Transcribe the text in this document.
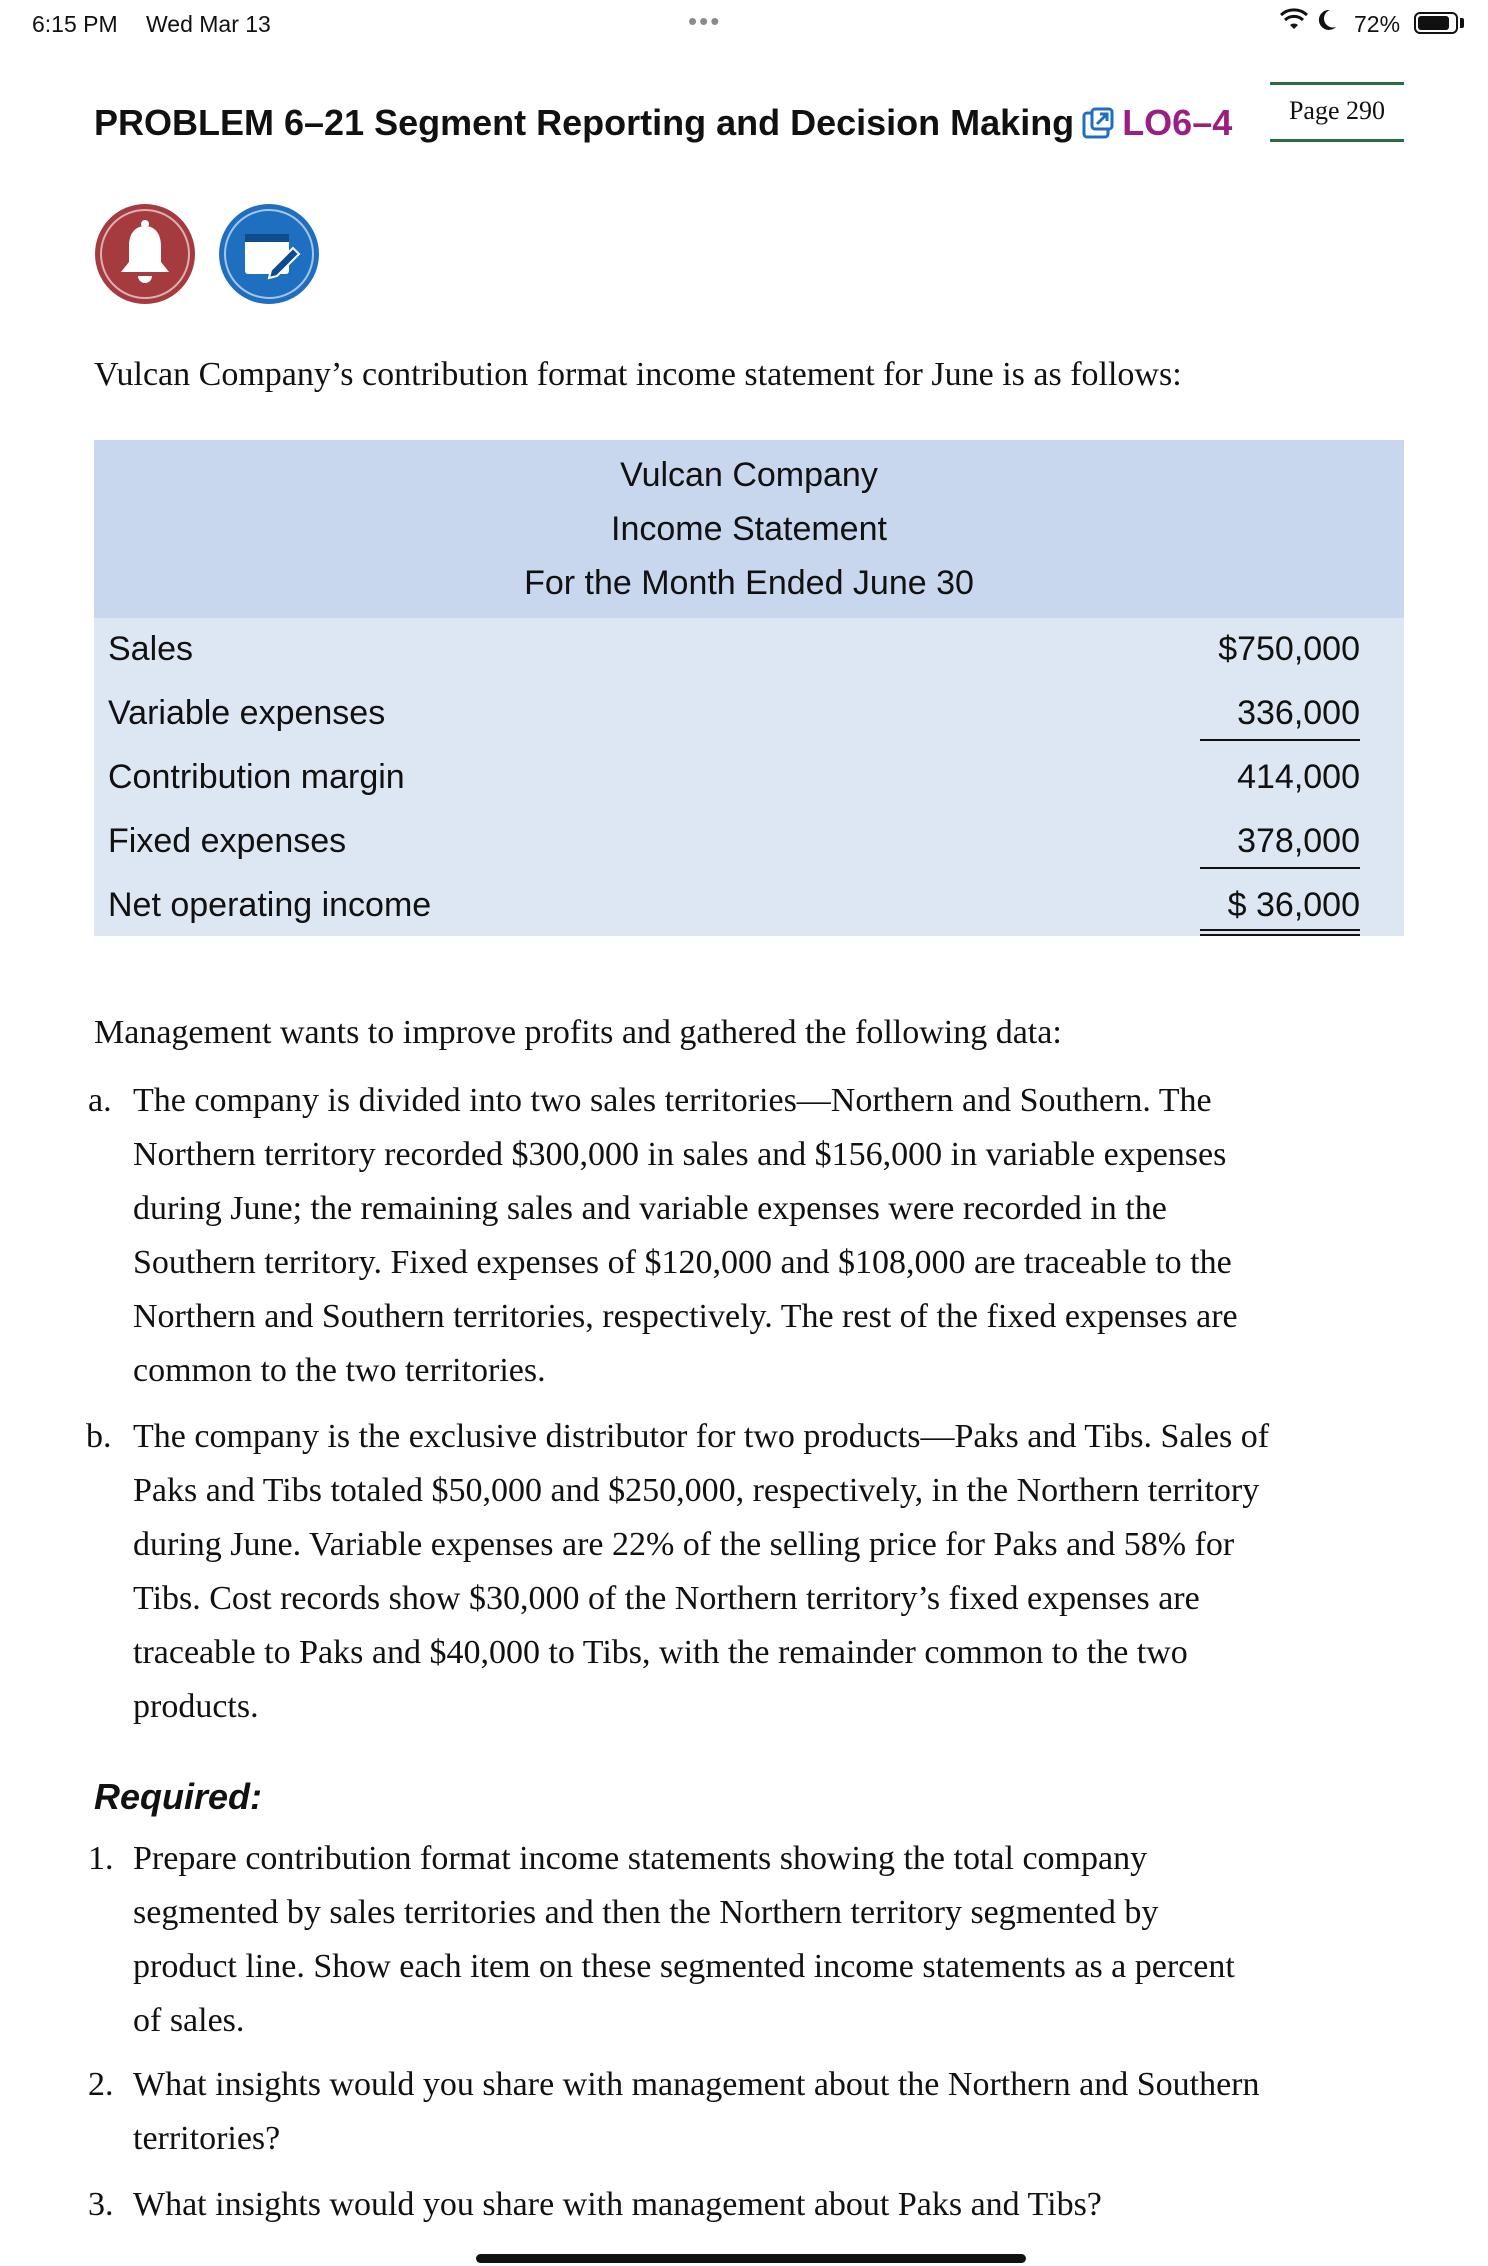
6:15 PM Wed Mar 13	•••	72%
Page 290
PROBLEM 6–21 Segment Reporting and Decision Making LO6–4
Vulcan Company’s contribution format income statement for June is as follows:
Vulcan Company
Income Statement
For the Month Ended June 30
Sales	$750,000
Variable expenses	336,000
Contribution margin	414,000
Fixed expenses	378,000
Net operating income	$ 36,000
Management wants to improve profits and gathered the following data:
a. The company is divided into two sales territories—Northern and Southern. The
Northern territory recorded $300,000 in sales and $156,000 in variable expenses
during June; the remaining sales and variable expenses were recorded in the
Southern territory. Fixed expenses of $120,000 and $108,000 are traceable to the
Northern and Southern territories, respectively. The rest of the fixed expenses are
common to the two territories.
b. The company is the exclusive distributor for two products—Paks and Tibs. Sales of
Paks and Tibs totaled $50,000 and $250,000, respectively, in the Northern territory
during June. Variable expenses are 22% of the selling price for Paks and 58% for
Tibs. Cost records show $30,000 of the Northern territory’s fixed expenses are
traceable to Paks and $40,000 to Tibs, with the remainder common to the two
products.
Required:
1. Prepare contribution format income statements showing the total company
segmented by sales territories and then the Northern territory segmented by
product line. Show each item on these segmented income statements as a percent
of sales.
2. What insights would you share with management about the Northern and Southern
territories?
3. What insights would you share with management about Paks and Tibs?
